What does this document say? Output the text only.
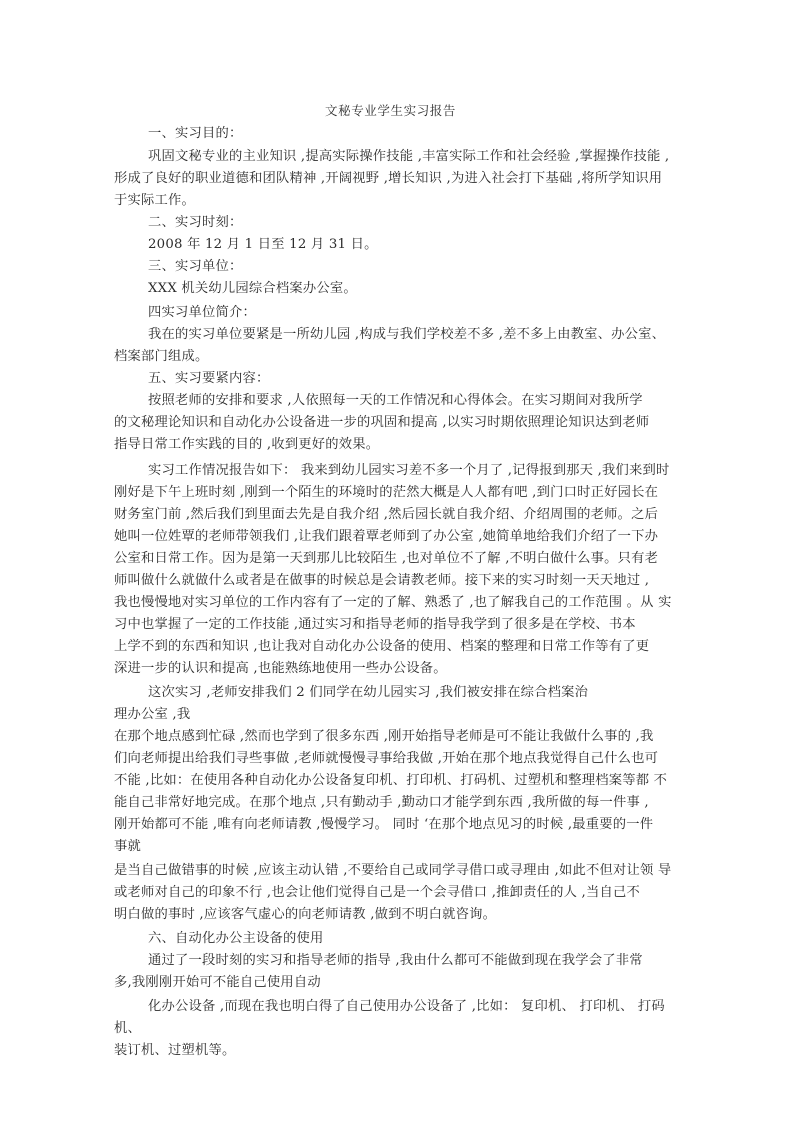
文秘专业学生实习报告
一、实习目的：
巩固文秘专业的主业知识 ,提高实际操作技能 ,丰富实际工作和社会经验 ,掌握操作技能 ,
形成了良好的职业道德和团队精神 ,开阔视野 ,增长知识 ,为进入社会打下基础 ,将所学知识用
于实际工作。
二、实习时刻：
2008 年 12 月 1 日至 12 月 31 日。
三、实习单位：
XXX 机关幼儿园综合档案办公室。
四实习单位简介：
我在的实习单位要紧是一所幼儿园 ,构成与我们学校差不多 ,差不多上由教室、办公室、
档案部门组成。
五、实习要紧内容：
按照老师的安排和要求 ,人依照每一天的工作情况和心得体会。在实习期间对我所学
的文秘理论知识和自动化办公设备进一步的巩固和提高 ,以实习时期依照理论知识达到老师
指导日常工作实践的目的 ,收到更好的效果。
实习工作情况报告如下： 我来到幼儿园实习差不多一个月了 ,记得报到那天 ,我们来到时
刚好是下午上班时刻 ,刚到一个陌生的环境时的茫然大概是人人都有吧 ,到门口时正好园长在
财务室门前 ,然后我们到里面去先是自我介绍 ,然后园长就自我介绍、介绍周围的老师。之后
她叫一位姓覃的老师带领我们 ,让我们跟着覃老师到了办公室 ,她简单地给我们介绍了一下办
公室和日常工作。因为是第一天到那儿比较陌生 ,也对单位不了解 ,不明白做什么事。只有老
师叫做什么就做什么或者是在做事的时候总是会请教老师。接下来的实习时刻一天天地过 ,
我也慢慢地对实习单位的工作内容有了一定的了解、熟悉了 ,也了解我自己的工作范围 。从 实
习中也掌握了一定的工作技能 ,通过实习和指导老师的指导我学到了很多是在学校、书本
上学不到的东西和知识 ,也让我对自动化办公设备的使用、档案的整理和日常工作等有了更
深进一步的认识和提高 ,也能熟练地使用一些办公设备。
这次实习 ,老师安排我们 2 们同学在幼儿园实习 ,我们被安排在综合档案治
理办公室 ,我
在那个地点感到忙碌 ,然而也学到了很多东西 ,刚开始指导老师是可不能让我做什么事的 ,我
们向老师提出给我们寻些事做 ,老师就慢慢寻事给我做 ,开始在那个地点我觉得自己什么也可
不能 ,比如：在使用各种自动化办公设备复印机、打印机、打码机、过塑机和整理档案等都 不
能自己非常好地完成。在那个地点 ,只有勤动手 ,勤动口才能学到东西 ,我所做的每一件事 ,
刚开始都可不能 ,唯有向老师请教 ,慢慢学习。 同时 ‘在那个地点见习的时候 ,最重要的一件
事就
是当自己做错事的时候 ,应该主动认错 ,不要给自己或同学寻借口或寻理由 ,如此不但对让领 导
或老师对自己的印象不行 ,也会让他们觉得自己是一个会寻借口 ,推卸责任的人 ,当自己不
明白做的事时 ,应该客气虚心的向老师请教 ,做到不明白就咨询。
六、自动化办公主设备的使用
通过了一段时刻的实习和指导老师的指导 ,我由什么都可不能做到现在我学会了非常
多,我刚刚开始可不能自己使用自动
化办公设备 ,而现在我也明白得了自己使用办公设备了 ,比如： 复印机、 打印机、 打码
机、
装订机、过塑机等。
